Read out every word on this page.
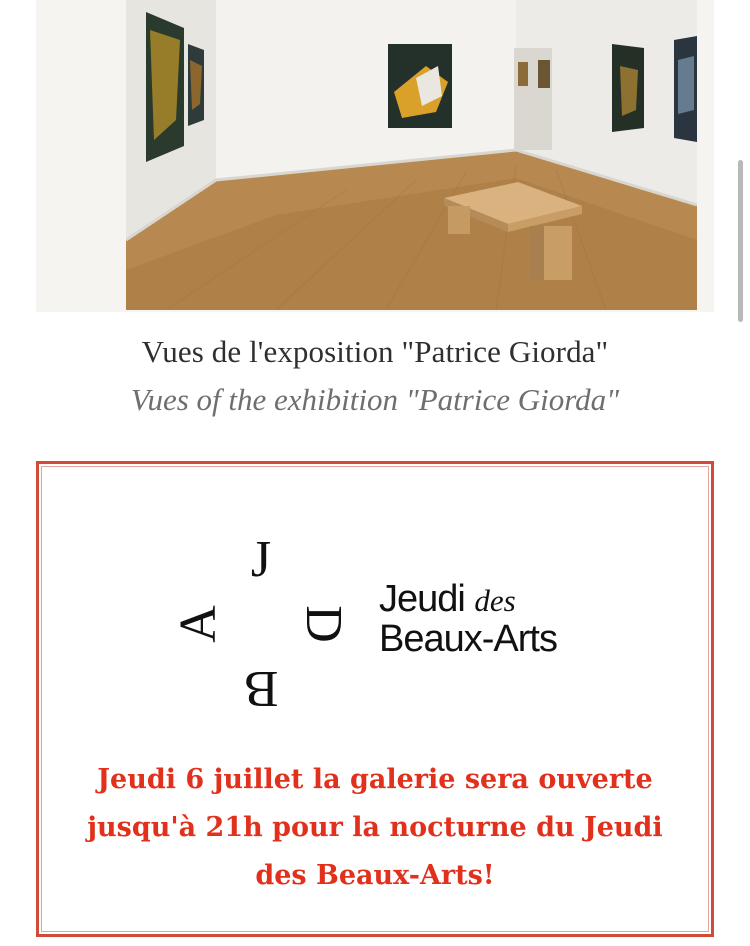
Vues de l'exposition "Patrice Giorda"
Vues of the exhibition "Patrice Giorda"
J
D
B
A
Jeudi des
Beaux-Arts
Jeudi 6 juillet la galerie sera ouverte
jusqu'à 21h pour la nocturne du Jeudi
des Beaux-Arts!
